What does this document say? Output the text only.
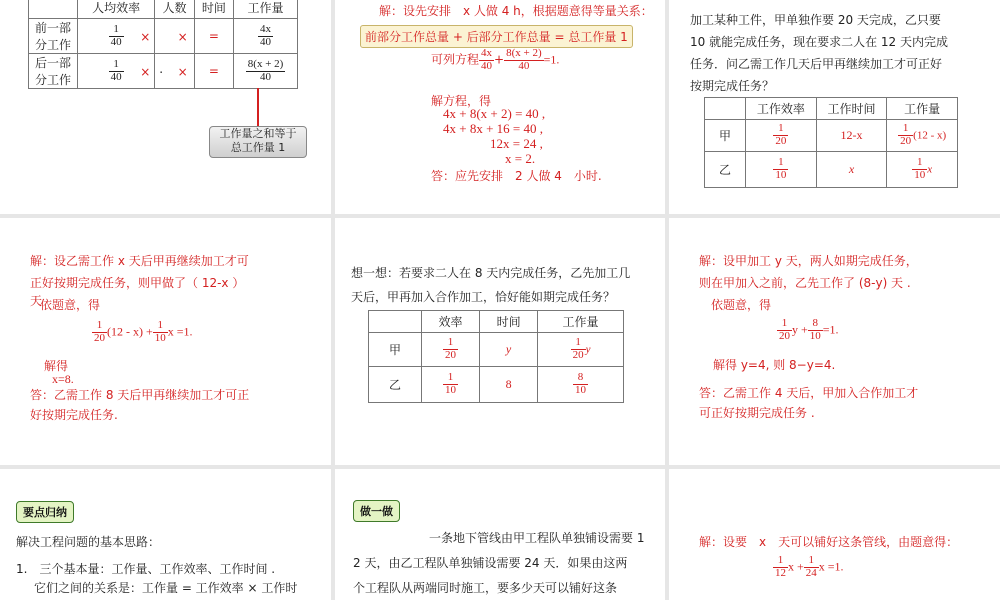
	人均效率	人数	时间	工作量
前一部
分工作	$\frac{1}{40}$ ×	×	=	$\frac{4x}{40}$

后一部
分工作	$\frac{1}{40}$ ×	. ×	=	$\frac{8(x + 2)}{40}$
工作量之和等于
总工作量 1
解：设先安排　x 人做 4 h，根据题意得等量关系：
前部分工作总量 + 后部分工作总量 = 总工作量 1
可列方程 $\frac{4x}{40} + \frac{8(x + 2)}{40} =1$.
解方程，得
4x + 8(x + 2) = 40 ,
4x + 8x + 16 = 40 ,
12x = 24 ,
x = 2.
答：应先安排　2 人做 4　小时.
加工某种工件，甲单独作要 20 天完成，乙只要
10 就能完成任务，现在要求二人在 12 天内完成
任务．问乙需工作几天后甲再继续加工才可正好
按期完成任务？
	工作效率	工作时间	工作量
甲	$\frac{1}{20}$	12-x	$\frac{1}{20} (12 - x)$
乙	$\frac{1}{10}$	x	$\frac{1}{10}$ x
解：设乙需工作 x 天后甲再继续加工才可
正好按期完成任务，则甲做了（ 12-x ）
天
依题意，得
$\frac{1}{20} (12 - x) + \frac{1}{10}$ x =1.
解得
x=8.
答：乙需工作 8 天后甲再继续加工才可正
好按期完成任务.
想一想：若要求二人在 8 天内完成任务，乙先加工几
天后，甲再加入合作加工，恰好能如期完成任务？
	效率	时间	工作量
甲	$\frac{1}{20}$	y	$\frac{1}{20}$ y
乙	$\frac{1}{10}$	8	$\frac{8}{10}$
解：设甲加工 y 天，两人如期完成任务，
则在甲加入之前，乙先工作了 (8-y) 天 .
依题意，得
$\frac{1}{20}$ $y + \frac{8}{10} =1$.
解得 y=4, 则 8−y=4.
答：乙需工作 4 天后，甲加入合作加工才
可正好按期完成任务 .
要点归纳
解决工程问题的基本思路：
1.　三个基本量：工作量、工作效率、工作时间 .
它们之间的关系是：工作量 = 工作效率 × 工作时
做一做
一条地下管线由甲工程队单独铺设需要 1
2 天，由乙工程队单独铺设需要 24 天．如果由这两
个工程队从两端同时施工，要多少天可以铺好这条
解：设要　x　天可以铺好这条管线，由题意得：
$\frac{1}{12}$ $x + \frac{1}{24}$ x =1.
